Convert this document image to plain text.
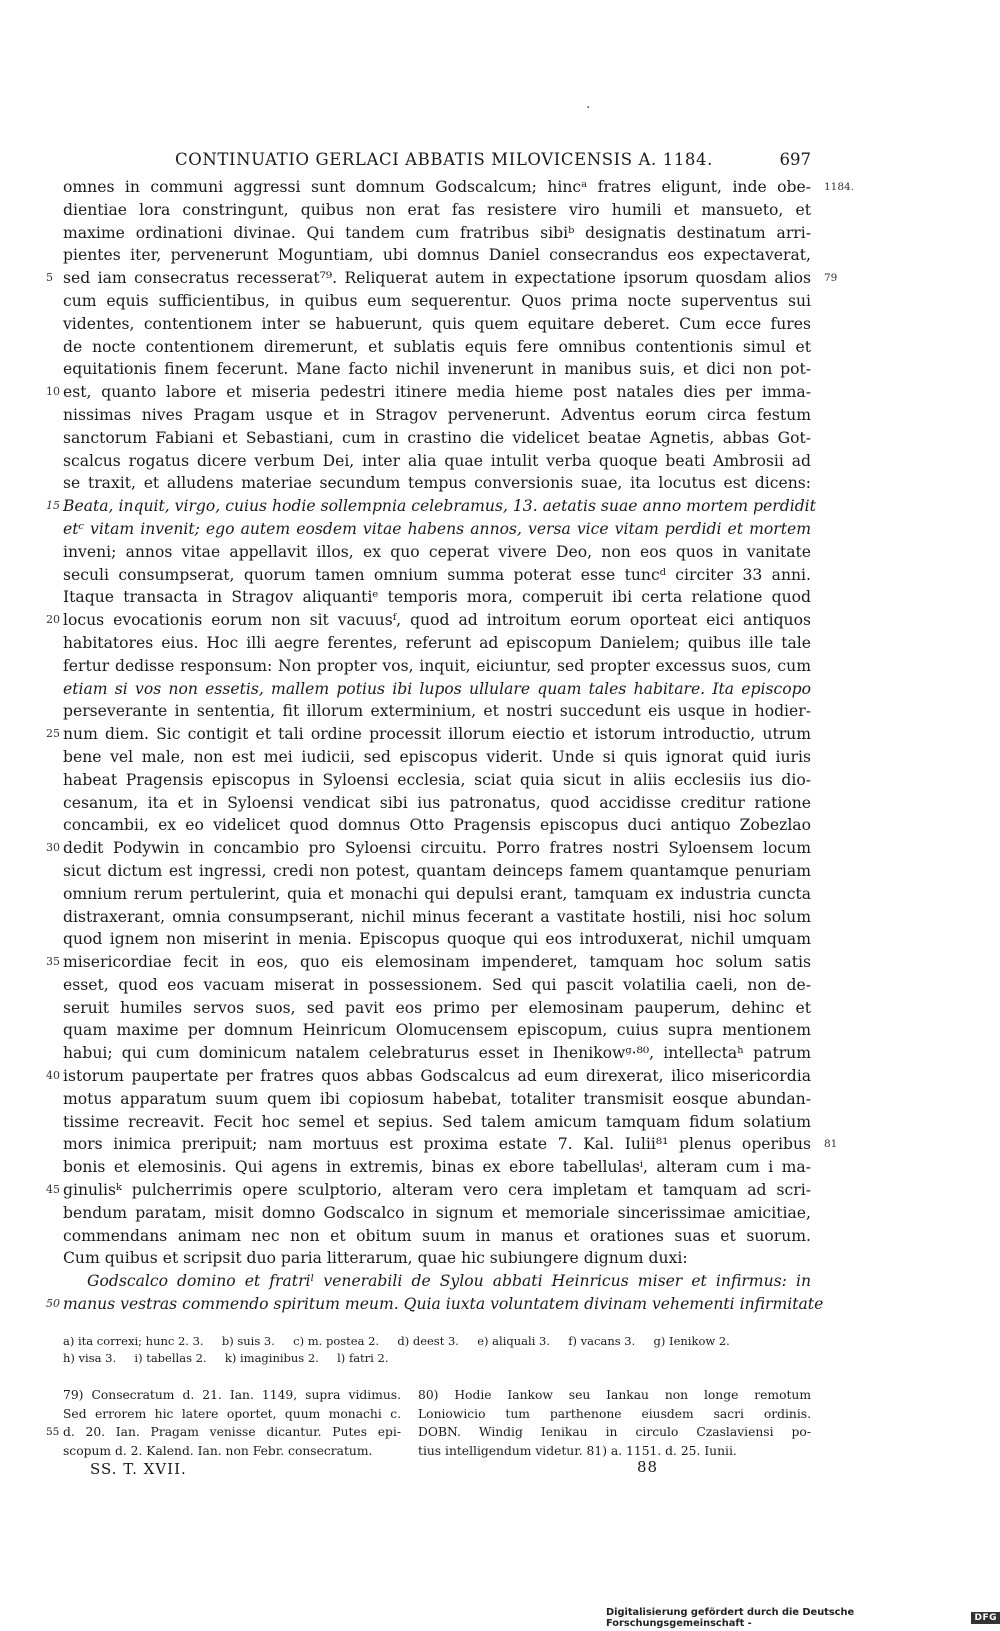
·
CONTINUATIO GERLACI ABBATIS MILOVICENSIS A. 1184.	697
omnes in communi aggressi sunt domnum Godscalcum; hincᵃ fratres eligunt, inde obe- 1184.
dientiae lora constringunt, quibus non erat fas resistere viro humili et mansueto, et
maxime ordinationi divinae. Qui tandem cum fratribus sibiᵇ designatis destinatum arri-
pientes iter, pervenerunt Moguntiam, ubi domnus Daniel consecrandus eos expectaverat,
5 sed iam consecratus recesserat⁷⁹. Reliquerat autem in expectatione ipsorum quosdam alios 79
cum equis sufficientibus, in quibus eum sequerentur. Quos prima nocte superventus sui
videntes, contentionem inter se habuerunt, quis quem equitare deberet. Cum ecce fures
de nocte contentionem diremerunt, et sublatis equis fere omnibus contentionis simul et
equitationis finem fecerunt. Mane facto nichil invenerunt in manibus suis, et dici non pot-
10 est, quanto labore et miseria pedestri itinere media hieme post natales dies per imma-
nissimas nives Pragam usque et in Stragov pervenerunt. Adventus eorum circa festum
sanctorum Fabiani et Sebastiani, cum in crastino die videlicet beatae Agnetis, abbas Got-
scalcus rogatus dicere verbum Dei, inter alia quae intulit verba quoque beati Ambrosii ad
se traxit, et alludens materiae secundum tempus conversionis suae, ita locutus est dicens:
15 Beata, inquit, virgo, cuius hodie sollempnia celebramus, 13. aetatis suae anno mortem perdidit
etᶜ vitam invenit; ego autem eosdem vitae habens annos, versa vice vitam perdidi et mortem
inveni; annos vitae appellavit illos, ex quo ceperat vivere Deo, non eos quos in vanitate
seculi consumpserat, quorum tamen omnium summa poterat esse tuncᵈ circiter 33 anni.
Itaque transacta in Stragov aliquantiᵉ temporis mora, comperuit ibi certa relatione quod
20 locus evocationis eorum non sit vacuusᶠ, quod ad introitum eorum oporteat eici antiquos
habitatores eius. Hoc illi aegre ferentes, referunt ad episcopum Danielem; quibus ille tale
fertur dedisse responsum: Non propter vos, inquit, eiciuntur, sed propter excessus suos, cum
etiam si vos non essetis, mallem potius ibi lupos ullulare quam tales habitare. Ita episcopo
perseverante in sententia, fit illorum exterminium, et nostri succedunt eis usque in hodier-
25 num diem. Sic contigit et tali ordine processit illorum eiectio et istorum introductio, utrum
bene vel male, non est mei iudicii, sed episcopus viderit. Unde si quis ignorat quid iuris
habeat Pragensis episcopus in Syloensi ecclesia, sciat quia sicut in aliis ecclesiis ius dio-
cesanum, ita et in Syloensi vendicat sibi ius patronatus, quod accidisse creditur ratione
concambii, ex eo videlicet quod domnus Otto Pragensis episcopus duci antiquo Zobezlao
30 dedit Podywin in concambio pro Syloensi circuitu. Porro fratres nostri Syloensem locum
sicut dictum est ingressi, credi non potest, quantam deinceps famem quantamque penuriam
omnium rerum pertulerint, quia et monachi qui depulsi erant, tamquam ex industria cuncta
distraxerant, omnia consumpserant, nichil minus fecerant a vastitate hostili, nisi hoc solum
quod ignem non miserint in menia. Episcopus quoque qui eos introduxerat, nichil umquam
35 misericordiae fecit in eos, quo eis elemosinam impenderet, tamquam hoc solum satis
esset, quod eos vacuam miserat in possessionem. Sed qui pascit volatilia caeli, non de-
seruit humiles servos suos, sed pavit eos primo per elemosinam pauperum, dehinc et
quam maxime per domnum Heinricum Olomucensem episcopum, cuius supra mentionem
habui; qui cum dominicum natalem celebraturus esset in Ihenikowᵍ·⁸⁰, intellectaʰ patrum
40 istorum paupertate per fratres quos abbas Godscalcus ad eum direxerat, ilico misericordia
motus apparatum suum quem ibi copiosum habebat, totaliter transmisit eosque abundan-
tissime recreavit. Fecit hoc semel et sepius. Sed talem amicum tamquam fidum solatium
mors inimica preripuit; nam mortuus est proxima estate 7. Kal. Iulii⁸¹ plenus operibus 81
bonis et elemosinis. Qui agens in extremis, binas ex ebore tabellulasⁱ, alteram cum i ma-
45 ginulisᵏ pulcherrimis opere sculptorio, alteram vero cera impletam et tamquam ad scri-
bendum paratam, misit domno Godscalco in signum et memoriale sincerissimae amicitiae,
commendans animam nec non et obitum suum in manus et orationes suas et suorum.
Cum quibus et scripsit duo paria litterarum, quae hic subiungere dignum duxi:
Godscalco domino et fratriˡ venerabili de Sylou abbati Heinricus miser et infirmus: in
50 manus vestras commendo spiritum meum. Quia iuxta voluntatem divinam vehementi infirmitate
a) ita correxi; hunc 2. 3.     b) suis 3.     c) m. postea 2.     d) deest 3.     e) aliquali 3.     f) vacans 3.     g) Ienikow 2.
h) visa 3.     i) tabellas 2.     k) imaginibus 2.     l) fatri 2.
79) Consecratum d. 21. Ian. 1149, supra vidimus.
Sed errorem hic latere oportet, quum monachi c.
55 d. 20. Ian. Pragam venisse dicantur. Putes epi-
scopum d. 2. Kalend. Ian. non Febr. consecratum.
80) Hodie Iankow seu Iankau non longe remotum
Loniowicio tum parthenone eiusdem sacri ordinis.
DOBN. Windig Ienikau in circulo Czaslaviensi po-
tius intelligendum videtur. 81) a. 1151. d. 25. Iunii.
SS. T. XVII.	88
Digitalisierung gefördert durch die Deutsche Forschungsgemeinschaft -	DFG
